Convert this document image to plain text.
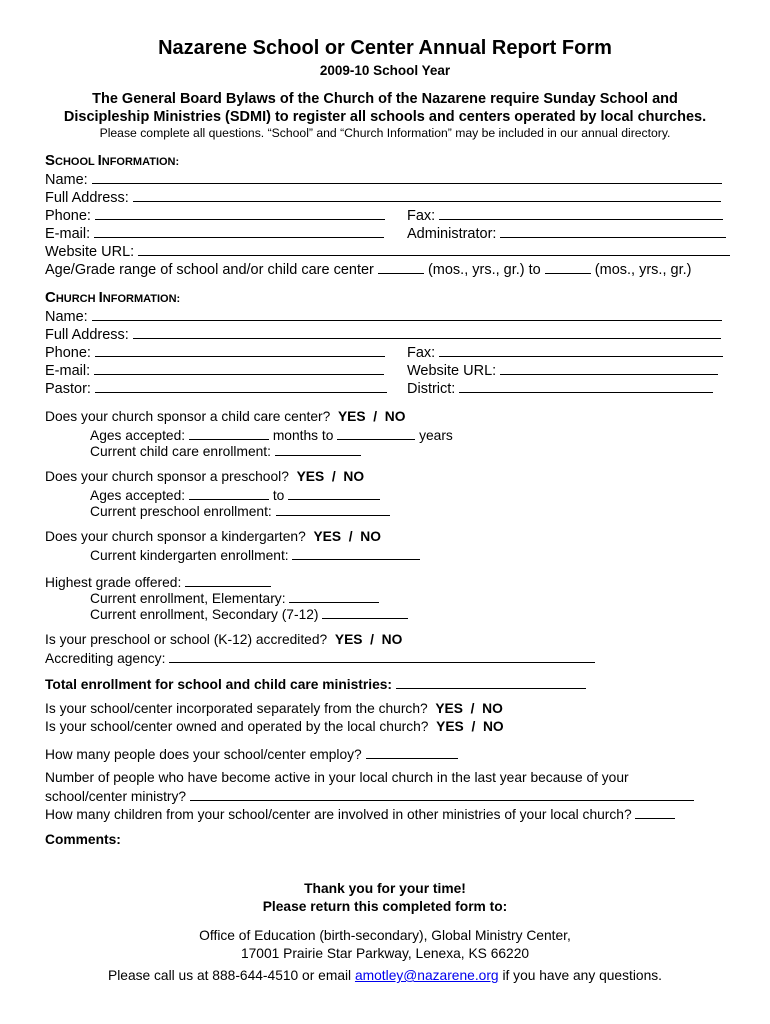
Nazarene School or Center Annual Report Form
2009-10 School Year
The General Board Bylaws of the Church of the Nazarene require Sunday School and
Discipleship Ministries (SDMI) to register all schools and centers operated by local churches.
Please complete all questions. “School” and “Church Information” may be included in our annual directory.
SCHOOL INFORMATION:
Name:
Full Address:
Phone:	Fax:
E-mail:	Administrator:
Website URL:
Age/Grade range of school and/or child care center	(mos., yrs., gr.) to	(mos., yrs., gr.)
CHURCH INFORMATION:
Name:
Full Address:
Phone:	Fax:
E-mail:	Website URL:
Pastor:	District:
Does your church sponsor a child care center? YES / NO
Ages accepted:	months to	years
Current child care enrollment:
Does your church sponsor a preschool? YES / NO
Ages accepted:	to
Current preschool enrollment:
Does your church sponsor a kindergarten? YES / NO
Current kindergarten enrollment:
Highest grade offered:
Current enrollment, Elementary:
Current enrollment, Secondary (7-12)
Is your preschool or school (K-12) accredited? YES / NO
Accrediting agency:
Total enrollment for school and child care ministries:
Is your school/center incorporated separately from the church? YES / NO
Is your school/center owned and operated by the local church? YES / NO
How many people does your school/center employ?
Number of people who have become active in your local church in the last year because of your
school/center ministry?
How many children from your school/center are involved in other ministries of your local church?
Comments:
Thank you for your time!
Please return this completed form to:
Office of Education (birth-secondary), Global Ministry Center,
17001 Prairie Star Parkway, Lenexa, KS 66220
Please call us at 888-644-4510 or email amotley@nazarene.org if you have any questions.
